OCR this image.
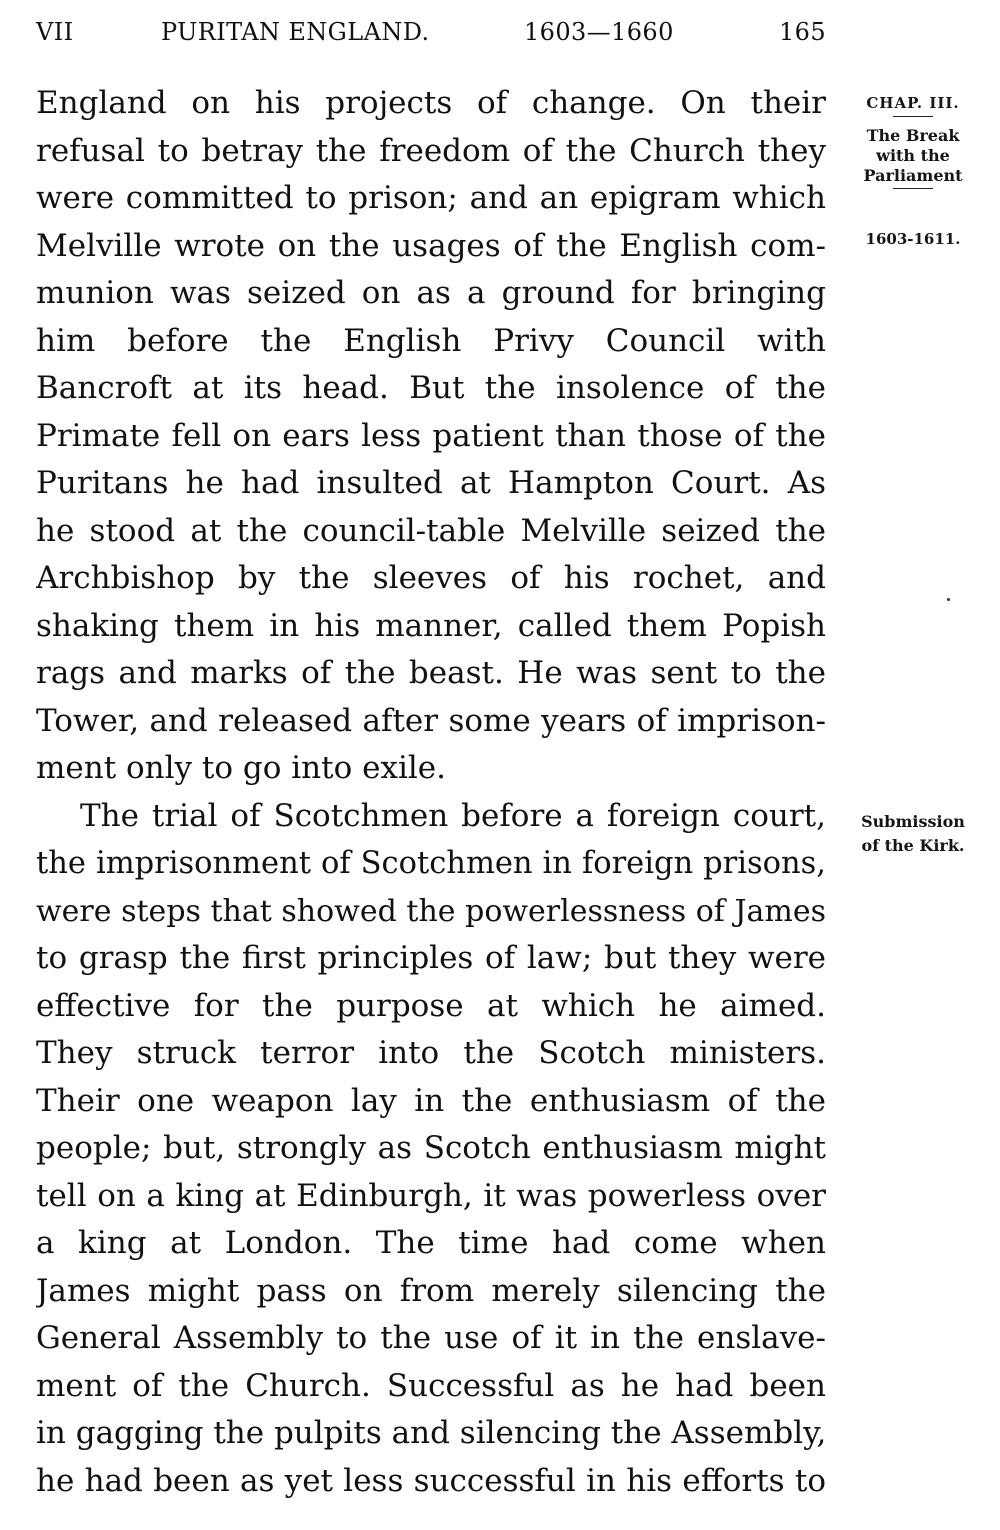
VII	PURITAN ENGLAND.	1603—1660	165
England on his projects of change. On their
refusal to betray the freedom of the Church they
were committed to prison; and an epigram which
Melville wrote on the usages of the English com-
munion was seized on as a ground for bringing
him before the English Privy Council with
Bancroft at its head. But the insolence of the
Primate fell on ears less patient than those of the
Puritans he had insulted at Hampton Court. As
he stood at the council-table Melville seized the
Archbishop by the sleeves of his rochet, and
shaking them in his manner, called them Popish
rags and marks of the beast. He was sent to the
Tower, and released after some years of imprison-
ment only to go into exile.
The trial of Scotchmen before a foreign court,
the imprisonment of Scotchmen in foreign prisons,
were steps that showed the powerlessness of James
to grasp the first principles of law; but they were
effective for the purpose at which he aimed.
They struck terror into the Scotch ministers.
Their one weapon lay in the enthusiasm of the
people; but, strongly as Scotch enthusiasm might
tell on a king at Edinburgh, it was powerless over
a king at London. The time had come when
James might pass on from merely silencing the
General Assembly to the use of it in the enslave-
ment of the Church. Successful as he had been
in gagging the pulpits and silencing the Assembly,
he had been as yet less successful in his efforts to
CHAP. III.
The Break
with the
Parliament
1603-1611.
Submission
of the Kirk.
